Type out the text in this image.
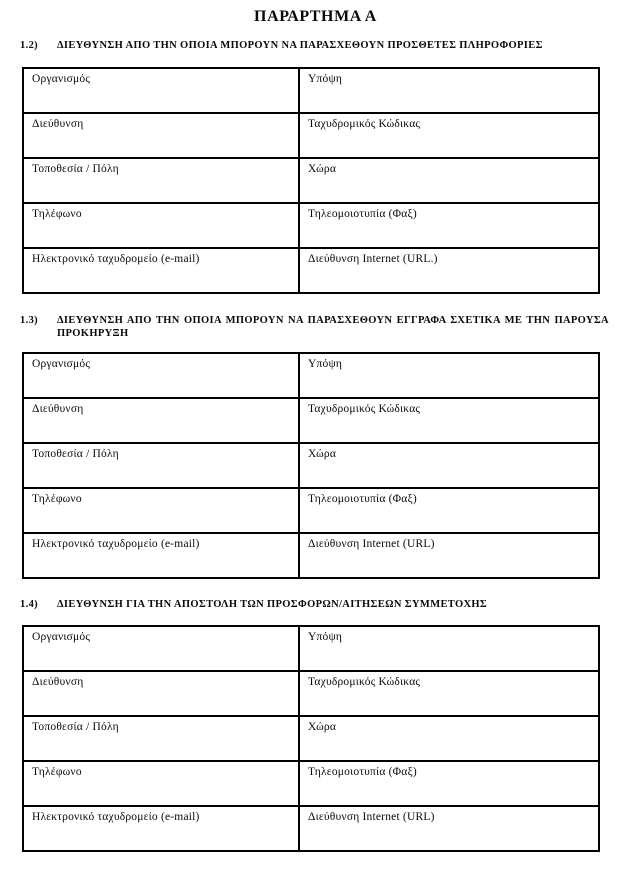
ΠΑΡΑΡΤΗΜΑ Α
1.2)	ΔΙΕΥΘΥΝΣΗ ΑΠΟ ΤΗΝ ΟΠΟΙΑ ΜΠΟΡΟΥΝ ΝΑ ΠΑΡΑΣΧΕΘΟΥΝ ΠΡΟΣΘΕΤΕΣ ΠΛΗΡΟΦΟΡΙΕΣ
Οργανισμός	Υπόψη
Διεύθυνση	Ταχυδρομικός Κώδικας
Τοποθεσία / Πόλη	Χώρα
Τηλέφωνο	Τηλεομοιοτυπία (Φαξ)
Ηλεκτρονικό ταχυδρομείο (e-mail)	Διεύθυνση Internet (URL.)
1.3)	ΔΙΕΥΘΥΝΣΗ ΑΠΟ ΤΗΝ ΟΠΟΙΑ ΜΠΟΡΟΥΝ ΝΑ ΠΑΡΑΣΧΕΘΟΥΝ ΕΓΓΡΑΦΑ ΣΧΕΤΙΚΑ ΜΕ ΤΗΝ ΠΑΡΟΥΣΑ ΠΡΟΚΗΡΥΞΗ
Οργανισμός	Υπόψη
Διεύθυνση	Ταχυδρομικός Κώδικας
Τοποθεσία / Πόλη	Χώρα
Τηλέφωνο	Τηλεομοιοτυπία (Φαξ)
Ηλεκτρονικό ταχυδρομείο (e-mail)	Διεύθυνση Internet (URL)
1.4)	ΔΙΕΥΘΥΝΣΗ ΓΙΑ ΤΗΝ ΑΠΟΣΤΟΛΗ ΤΩΝ ΠΡΟΣΦΟΡΩΝ/ΑΙΤΗΣΕΩΝ ΣΥΜΜΕΤΟΧΗΣ
Οργανισμός	Υπόψη
Διεύθυνση	Ταχυδρομικός Κώδικας
Τοποθεσία / Πόλη	Χώρα
Τηλέφωνο	Τηλεομοιοτυπία (Φαξ)
Ηλεκτρονικό ταχυδρομείο (e-mail)	Διεύθυνση Internet (URL)
